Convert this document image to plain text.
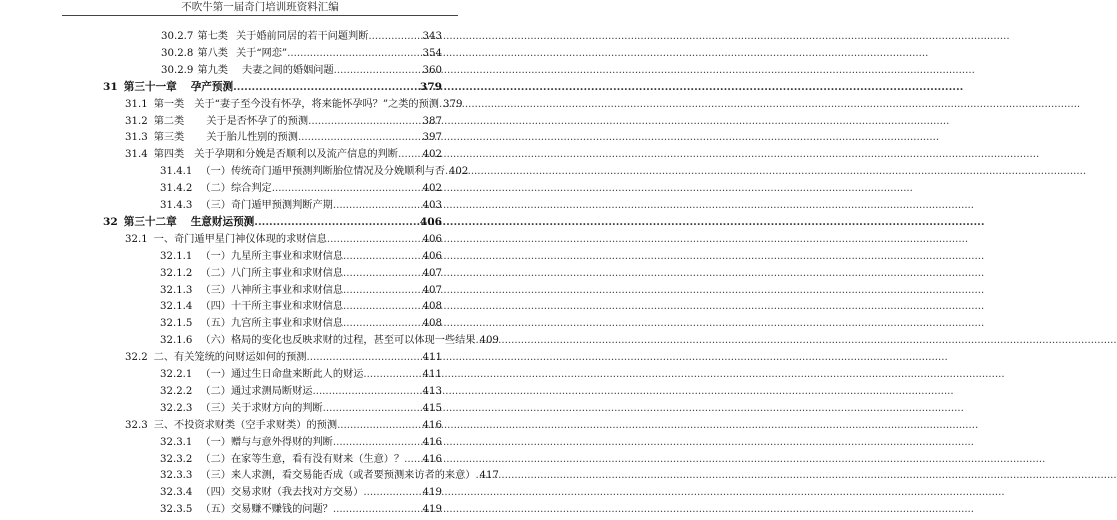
不吹牛第一届奇门培训班资料汇编
30.2.7 第七类 关于婚前同居的若干问题判断 .....	343
30.2.8 第八类 关于“网恋” .....	354
30.2.9 第九类 夫妻之间的婚姻问题 .....	360
31 第三十一章 孕产预测 .....	379
31.1 第一类 关于“妻子至今没有怀孕，将来能怀孕吗？”之类的预测 ..... 379
31.2 第二类 关于是否怀孕了的预测 .....	387
31.3 第三类 关于胎儿性别的预测 .....	397
31.4 第四类 关于孕期和分娩是否顺利以及流产信息的判断 ..... 402
31.4.1 （一）传统奇门遁甲预测判断胎位情况及分娩顺利与否 ..... 402
31.4.2 （二）综合判定 .....	402
31.4.3 （三）奇门遁甲预测判断产期 .....	403
32 第三十二章 生意财运预测 .....	406
32.1 一、奇门遁甲星门神仪体现的求财信息 .....	406
32.1.1 （一）九星所主事业和求财信息 .....	406
32.1.2 （二）八门所主事业和求财信息 .....	407
32.1.3 （三）八神所主事业和求财信息 .....	407
32.1.4 （四）十干所主事业和求财信息 .....	408
32.1.5 （五）九宫所主事业和求财信息 .....	408
32.1.6 （六）格局的变化也反映求财的过程，甚至可以体现一些结果 ..... 409
32.2 二、有关笼统的问财运如何的预测 .....	411
32.2.1 （一）通过生日命盘来断此人的财运 .....	411
32.2.2 （二）通过求测局断财运 .....	413
32.2.3 （三）关于求财方向的判断 .....	415
32.3 三、不投资求财类（空手求财类）的预测 .....	416
32.3.1 （一）赠与与意外得财的判断 .....	416
32.3.2 （二）在家等生意，看有没有财来（生意）？ ..... 416
32.3.3 （三）来人求测，看交易能否成（或者要预测来访者的来意） ..... 417
32.3.4 （四）交易求财（我去找对方交易） .....	419
32.3.5 （五）交易赚不赚钱的问题？ .....	419
